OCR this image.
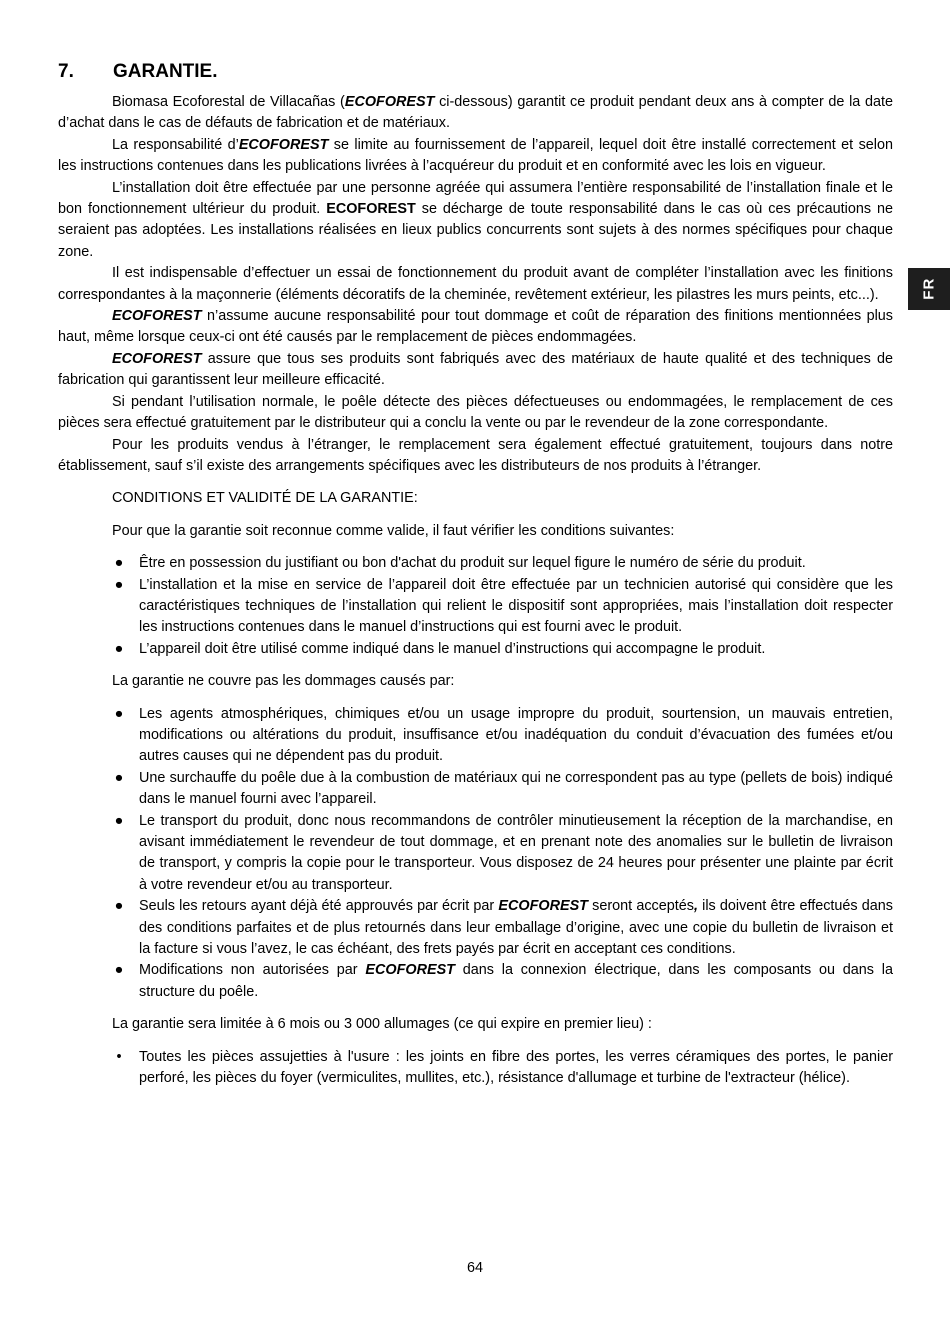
FR
7.	GARANTIE.

Biomasa Ecoforestal de Villacañas (ECOFOREST ci-dessous) garantit ce produit pendant deux ans à compter de la date d’achat dans le cas de défauts de fabrication et de matériaux.

La responsabilité d’ECOFOREST se limite au fournissement de l’appareil, lequel doit être installé correctement et selon les instructions contenues dans les publications livrées à l’acquéreur du produit et en conformité avec les lois en vigueur.

L’installation doit être effectuée par une personne agréée qui assumera l’entière responsabilité de l’installation finale et le bon fonctionnement ultérieur du produit. ECOFOREST se décharge de toute responsabilité dans le cas où ces précautions ne seraient pas adoptées. Les installations réalisées en lieux publics concurrents sont sujets à des normes spécifiques pour chaque zone.

Il est indispensable d’effectuer un essai de fonctionnement du produit avant de compléter l’installation avec les finitions correspondantes à la maçonnerie (éléments décoratifs de la cheminée, revêtement extérieur, les pilastres les murs peints, etc...).

ECOFOREST n’assume aucune responsabilité pour tout dommage et coût de réparation des finitions mentionnées plus haut, même lorsque ceux-ci ont été causés par le remplacement de pièces endommagées.

ECOFOREST assure que tous ses produits sont fabriqués avec des matériaux de haute qualité et des techniques de fabrication qui garantissent leur meilleure efficacité.

Si pendant l’utilisation normale, le poêle détecte des pièces défectueuses ou endommagées, le remplacement de ces pièces sera effectué gratuitement par le distributeur qui a conclu la vente ou par le revendeur de la zone correspondante.

Pour les produits vendus à l’étranger, le remplacement sera également effectué gratuitement, toujours dans notre établissement, sauf s’il existe des arrangements spécifiques avec les distributeurs de nos produits à l’étranger.

CONDITIONS ET VALIDITÉ DE LA GARANTIE:

Pour que la garantie soit reconnue comme valide, il faut vérifier les conditions suivantes:

● Être en possession du justifiant ou bon d'achat du produit sur lequel figure le numéro de série du produit.
● L’installation et la mise en service de l’appareil doit être effectuée par un technicien autorisé qui considère que les caractéristiques techniques de l’installation qui relient le dispositif sont appropriées, mais l’installation doit respecter les instructions contenues dans le manuel d’instructions qui est fourni avec le produit.
● L’appareil doit être utilisé comme indiqué dans le manuel d’instructions qui accompagne le produit.

La garantie ne couvre pas les dommages causés par:

● Les agents atmosphériques, chimiques et/ou un usage impropre du produit, sourtension, un mauvais entretien, modifications ou altérations du produit, insuffisance et/ou inadéquation du conduit d’évacuation des fumées et/ou autres causes qui ne dépendent pas du produit.
● Une surchauffe du poêle due à la combustion de matériaux qui ne correspondent pas au type (pellets de bois) indiqué dans le manuel fourni avec l’appareil.
● Le transport du produit, donc nous recommandons de contrôler minutieusement la réception de la marchandise, en avisant immédiatement le revendeur de tout dommage, et en prenant note des anomalies sur le bulletin de livraison de transport, y compris la copie pour le transporteur. Vous disposez de 24 heures pour présenter une plainte par écrit à votre revendeur et/ou au transporteur.
● Seuls les retours ayant déjà été approuvés par écrit par ECOFOREST seront acceptés, ils doivent être effectués dans des conditions parfaites et de plus retournés dans leur emballage d’origine, avec une copie du bulletin de livraison et la facture si vous l’avez, le cas échéant, des frets payés par écrit en acceptant ces conditions.
● Modifications non autorisées par ECOFOREST dans la connexion électrique, dans les composants ou dans la structure du poêle.

La garantie sera limitée à 6 mois ou 3 000 allumages (ce qui expire en premier lieu) :

•	Toutes les pièces assujetties à l'usure : les joints en fibre des portes, les verres céramiques des portes, le panier perforé, les pièces du foyer (vermiculites, mullites, etc.), résistance d'allumage et turbine de l'extracteur (hélice).
64
